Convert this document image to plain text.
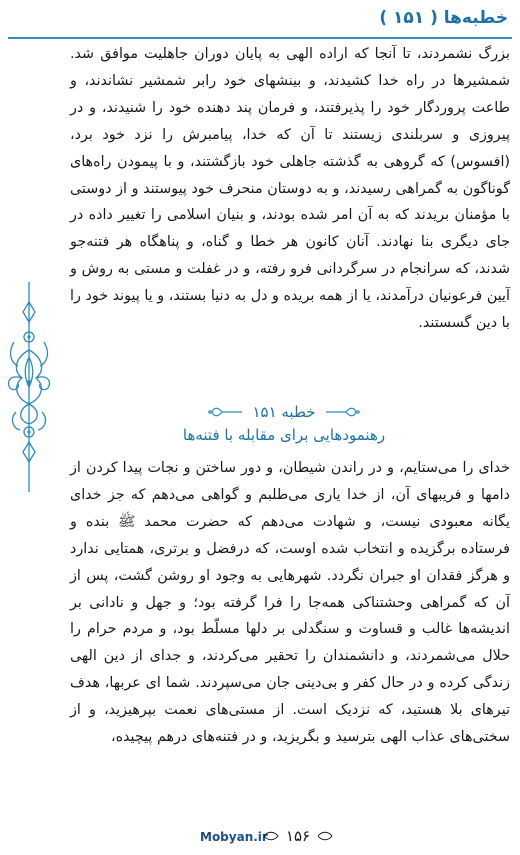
خطبه‌ها ( ۱۵۱ )
بزرگ نشمردند، تا آنجا که اراده الهی به پایان دوران جاهلیت موافق شد. شمشیرها در راه خدا کشیدند، و بینشهای خود رابر شمشیر نشاندند، و طاعت پروردگار خود را پذیرفتند، و فرمان پند دهنده خود را شنیدند، و در پیروزی و سربلندی زیستند تا آن که خدا، پیامبرش را نزد خود برد، (افسوس) که گروهی به گذشته جاهلی خود بازگشتند، و با پیمودن راه‌های گوناگون به گمراهی رسیدند، و به دوستان منحرف خود پیوستند و از دوستی با مؤمنان بریدند که به آن امر شده بودند، و بنیان اسلامی را تغییر داده در جای دیگری بنا نهادند. آنان کانون هر خطا و گناه، و پناهگاه هر فتنه‌جو شدند، که سرانجام در سرگردانی فرو رفته، و در غفلت و مستی به روش و آیین فرعونیان درآمدند، یا از همه بریده و دل به دنیا بستند، و یا پیوند خود را با دین گسستند.
خطبه ۱۵۱
رهنمودهایی برای مقابله با فتنه‌ها
خدای را می‌ستایم، و در راندن شیطان، و دور ساختن و نجات پیدا کردن از دامها و فریبهای آن، از خدا یاری می‌طلبم و گواهی می‌دهم که جز خدای یگانه معبودی نیست، و شهادت می‌دهم که حضرت محمد ﷺ بنده و فرستاده برگزیده و انتخاب شده اوست، که درفضل و برتری، همتایی ندارد و هرگز فقدان او جبران نگردد. شهرهایی به وجود او روشن گشت، پس از آن که گمراهی وحشتناکی همه‌جا را فرا گرفته بود؛ و جهل و نادانی بر اندیشه‌ها غالب و قساوت و سنگدلی بر دلها مسلّط بود، و مردم حرام را حلال می‌شمردند، و دانشمندان را تحقیر می‌کردند، و جدای از دین الهی زندگی کرده و در حال کفر و بی‌دینی جان می‌سپردند. شما ای عربها، هدف تیرهای بلا هستید، که نزدیک است. از مستی‌های نعمت بپرهیزید، و از سختی‌های عذاب الهی بترسید و بگریزید، و در فتنه‌های درهم پیچیده،
Mobyan.ir ۱۵۶
